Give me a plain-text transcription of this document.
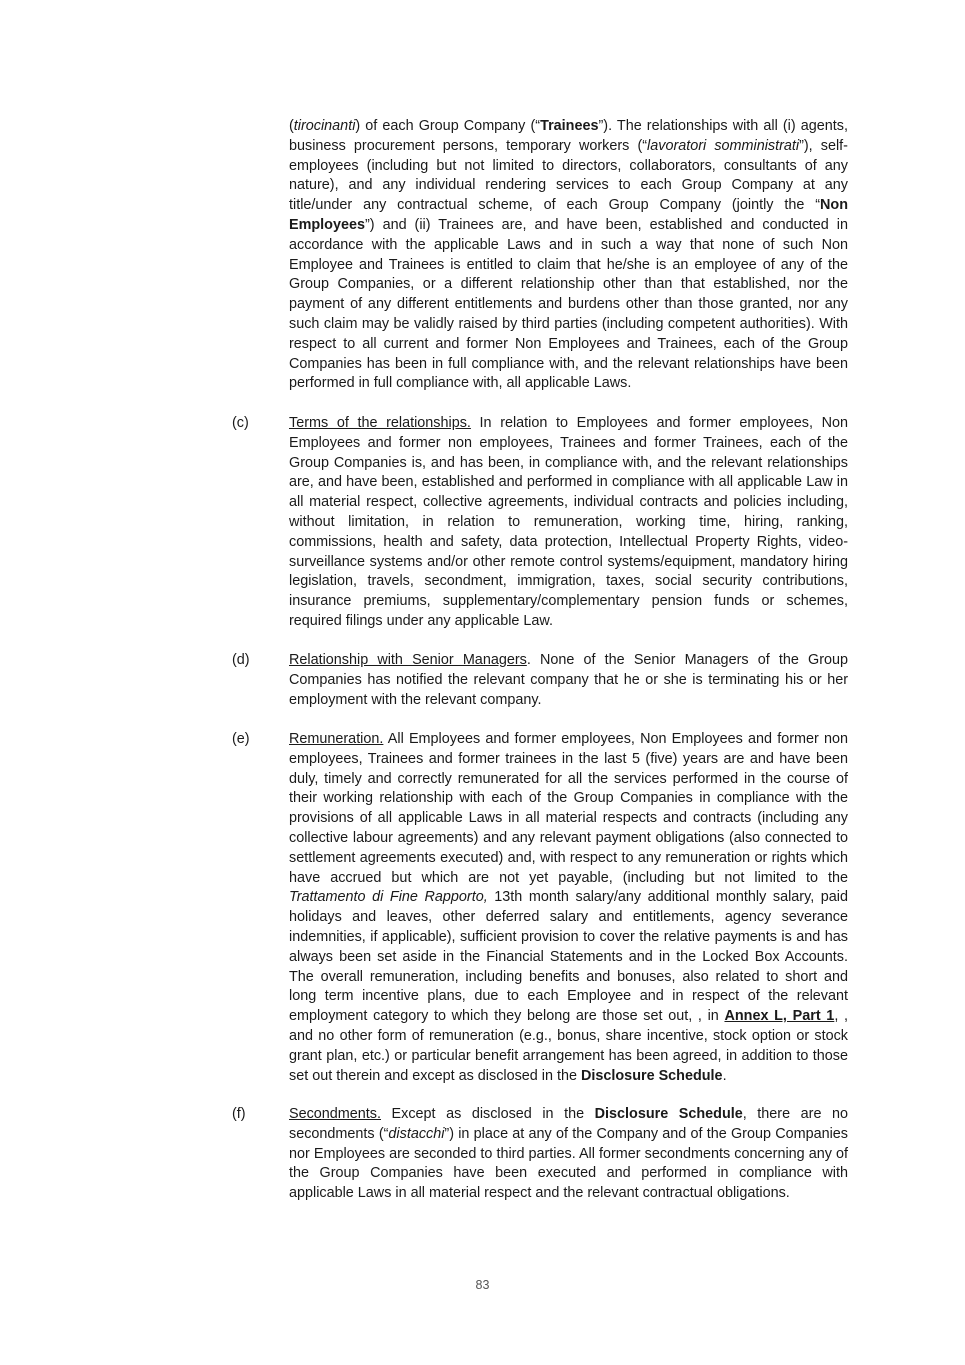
(tirocinanti) of each Group Company (“Trainees”). The relationships with all (i) agents, business procurement persons, temporary workers (“lavoratori somministrati”), self-employees (including but not limited to directors, collaborators, consultants of any nature), and any individual rendering services to each Group Company at any title/under any contractual scheme, of each Group Company (jointly the “Non Employees”) and (ii) Trainees are, and have been, established and conducted in accordance with the applicable Laws and in such a way that none of such Non Employee and Trainees is entitled to claim that he/she is an employee of any of the Group Companies, or a different relationship other than that established, nor the payment of any different entitlements and burdens other than those granted, nor any such claim may be validly raised by third parties (including competent authorities). With respect to all current and former Non Employees and Trainees, each of the Group Companies has been in full compliance with, and the relevant relationships have been performed in full compliance with, all applicable Laws.

(c)	Terms of the relationships. In relation to Employees and former employees, Non Employees and former non employees, Trainees and former Trainees, each of the Group Companies is, and has been, in compliance with, and the relevant relationships are, and have been, established and performed in compliance with all applicable Law in all material respect, collective agreements, individual contracts and policies including, without limitation, in relation to remuneration, working time, hiring, ranking, commissions, health and safety, data protection, Intellectual Property Rights, video-surveillance systems and/or other remote control systems/equipment, mandatory hiring legislation, travels, secondment, immigration, taxes, social security contributions, insurance premiums, supplementary/complementary pension funds or schemes, required filings under any applicable Law.

(d)	Relationship with Senior Managers. None of the Senior Managers of the Group Companies has notified the relevant company that he or she is terminating his or her employment with the relevant company.

(e)	Remuneration. All Employees and former employees, Non Employees and former non employees, Trainees and former trainees in the last 5 (five) years are and have been duly, timely and correctly remunerated for all the services performed in the course of their working relationship with each of the Group Companies in compliance with the provisions of all applicable Laws in all material respects and contracts (including any collective labour agreements) and any relevant payment obligations (also connected to settlement agreements executed) and, with respect to any remuneration or rights which have accrued but which are not yet payable, (including but not limited to the Trattamento di Fine Rapporto, 13th month salary/any additional monthly salary, paid holidays and leaves, other deferred salary and entitlements, agency severance indemnities, if applicable), sufficient provision to cover the relative payments is and has always been set aside in the Financial Statements and in the Locked Box Accounts. The overall remuneration, including benefits and bonuses, also related to short and long term incentive plans, due to each Employee and in respect of the relevant employment category to which they belong are those set out, , in Annex L, Part 1, , and no other form of remuneration (e.g., bonus, share incentive, stock option or stock grant plan, etc.) or particular benefit arrangement has been agreed, in addition to those set out therein and except as disclosed in the Disclosure Schedule.

(f)	Secondments. Except as disclosed in the Disclosure Schedule, there are no secondments (“distacchi”) in place at any of the Company and of the Group Companies nor Employees are seconded to third parties. All former secondments concerning any of the Group Companies have been executed and performed in compliance with applicable Laws in all material respect and the relevant contractual obligations.

83
